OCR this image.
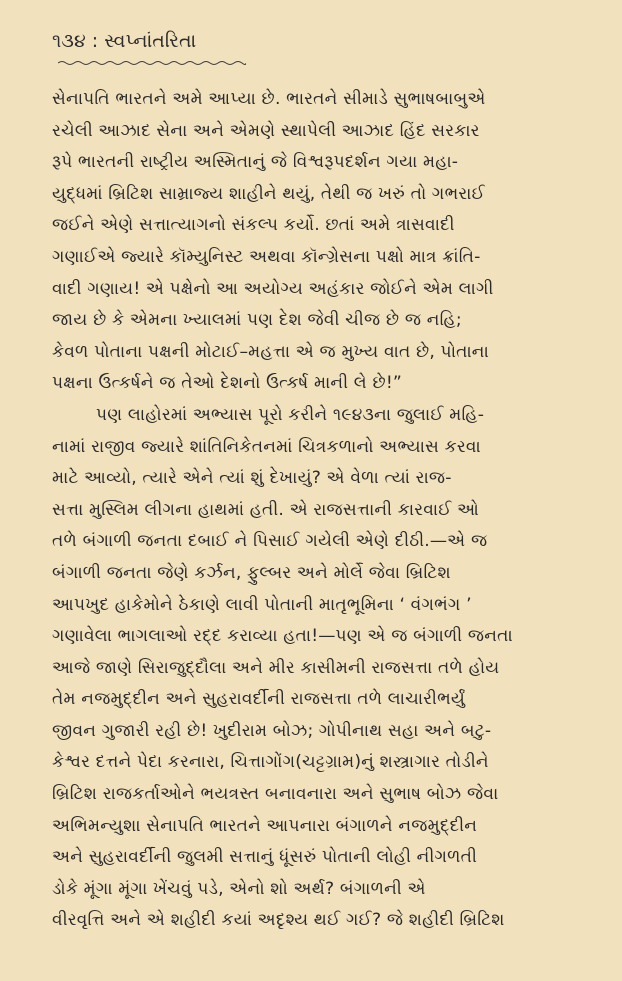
૧૩૪ : સ્વપ્નાંતરિતા
સેનાપતિ ભારતને અમે આપ્યા છે. ભારતને સીમાડે સુભાષબાબુએ
રચેલી આઝાદ સેના અને એમણે સ્થાપેલી આઝાદ હિંદ સરકાર
રૂપે ભારતની રાષ્ટ્રીય અસ્મિતાનું જે વિશ્વરૂપદર્શન ગયા મહા-
યુદ્ધમાં બ્રિટિશ સામ્રાજ્ય શાહીને થયું, તેથી જ ખરું તો ગભરાઈ
જઈને એણે સત્તાત્યાગનો સંકલ્પ કર્યો. છતાં અમે ત્રાસવાદી
ગણાઈએ જ્યારે કૉમ્યુનિસ્ટ અથવા કૉન્ગ્રેસના પક્ષો માત્ર ક્રાંતિ-
વાદી ગણાય! એ પક્ષેનો આ અયોગ્ય અહંકાર જોઈને એમ લાગી
જાય છે કે એમના ખ્યાલમાં પણ દેશ જેવી ચીજ છે જ નહિ;
કેવળ પોતાના પક્ષની મોટાઈ–મહત્તા એ જ મુખ્ય વાત છે, પોતાના
પક્ષના ઉત્કર્ષને જ તેઓ દેશનો ઉત્કર્ષ માની લે છે!”
પણ લાહોરમાં અભ્યાસ પૂરો કરીને ૧૯૪૩ના જુલાઈ મહિ-
નામાં રાજીવ જ્યારે શાંતિનિકેતનમાં ચિત્રકળાનો અભ્યાસ કરવા
માટે આવ્યો, ત્યારે એને ત્યાં શું દેખાયું? એ વેળા ત્યાં રાજ-
સત્તા મુસ્લિમ લીગના હાથમાં હતી. એ રાજસત્તાની કારવાઈ ઓ
તળે બંગાળી જનતા દબાઈ ને પિસાઈ ગયેલી એણે દીઠી.—એ જ
બંગાળી જનતા જેણે કર્ઝન, ફુલ્બર અને મોર્લે જેવા બ્રિટિશ
આપખુદ હાકેમોને ઠેકાણે લાવી પોતાની માતૃભૂમિના ‘ વંગભંગ ’
ગણાવેલા ભાગલાઓ રદ્દ કરાવ્યા હતા!—પણ એ જ બંગાળી જનતા
આજે જાણે સિરાજુદ્દૌલા અને મીર કાસીમની રાજસત્તા તળે હોય
તેમ નજમુદ્દીન અને સુહરાવર્દીની રાજસત્તા તળે લાચારીભર્યું
જીવન ગુજારી રહી છે! ખુદીરામ બોઝ; ગોપીનાથ સહા અને બટુ-
કેશ્વર દત્તને પેદા કરનારા, ચિત્તાગોંગ(ચટ્ટગ્રામ)નું શસ્ત્રાગાર તોડીને
બ્રિટિશ રાજકર્તાઓને ભયત્રસ્ત બનાવનારા અને સુભાષ બોઝ જેવા
અભિમન્યુશા સેનાપતિ ભારતને આપનારા બંગાળને નજમુદ્દીન
અને સુહરાવર્દીની જુલમી સત્તાનું ધૂંસરું પોતાની લોહી નીગળતી
ડોકે મૂંગા મૂંગા ખેંચવું પડે, એનો શો અર્થ? બંગાળની એ
વીરવૃત્તિ અને એ શહીદી કયાં અદૃશ્ય થઈ ગઈ? જે શહીદી બ્રિટિશ
